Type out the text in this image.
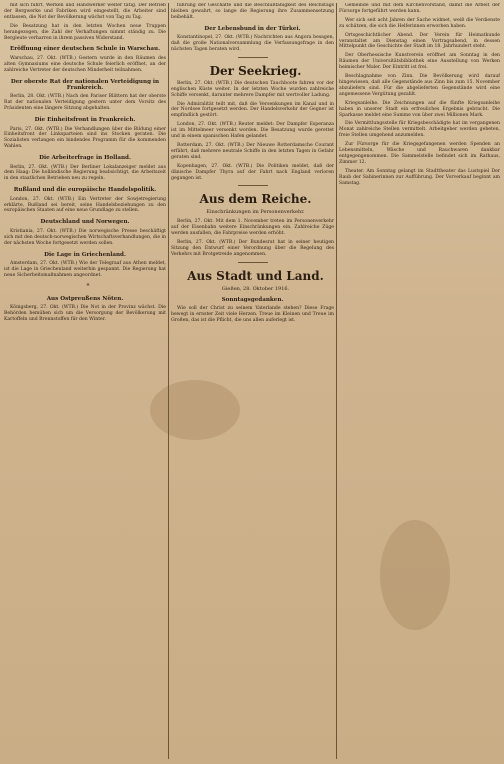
mit sich führt, Werken und Handwerker weiter tätig. Der Betrieb der Bergwerke und Fabriken wird eingestellt, die Arbeiter sind entlassen, die Not der Bevölkerung wächst von Tag zu Tag.

Die Besatzung hat in den letzten Wochen neue Truppen herangezogen, die Zahl der Verhaftungen nimmt ständig zu. Die Bergleute verharren in ihrem passiven Widerstand.

Eröffnung einer deutschen Schule in Warschau.

Warschau, 27. Okt. (WTB.) Gestern wurde in den Räumen des alten Gymnasiums eine deutsche Schule feierlich eröffnet, an der zahlreiche Vertreter der deutschen Minderheit teilnahmen.

Der oberste Rat der nationalen Verteidigung in Frankreich.

Berlin, 28. Okt. (WTB.) Nach den Pariser Blättern hat der oberste Rat der nationalen Verteidigung gestern unter dem Vorsitz des Präsidenten eine längere Sitzung abgehalten.

Die Einheitsfront in Frankreich.

Paris, 27. Okt. (WTB.) Die Verhandlungen über die Bildung einer Einheitsfront der Linksparteien sind ins Stocken geraten. Die Sozialisten verlangen ein bindendes Programm für die kommenden Wahlen.

Die Arbeiterfrage in Holland.

Berlin, 27. Okt. (WTB.) Der Berliner Lokalanzeiger meldet aus dem Haag: Die holländische Regierung beabsichtigt, die Arbeitszeit in den staatlichen Betrieben neu zu regeln.

Rußland und die europäische Handelspolitik.

London, 27. Okt. (WTB.) Ein Vertreter der Sowjetregierung erklärte, Rußland sei bereit, seine Handelsbeziehungen zu den europäischen Staaten auf eine neue Grundlage zu stellen.

Deutschland und Norwegen.

Kristiania, 27. Okt. (WTB.) Die norwegische Presse beschäftigt sich mit den deutsch-norwegischen Wirtschaftsverhandlungen, die in der nächsten Woche fortgesetzt werden sollen.

Die Lage in Griechenland.

Amsterdam, 27. Okt. (WTB.) Wie der Telegraaf aus Athen meldet, ist die Lage in Griechenland weiterhin gespannt. Die Regierung hat neue Sicherheitsmaßnahmen angeordnet.

*

Aus Ostpreußens Nöten.

Königsberg, 27. Okt. (WTB.) Die Not in der Provinz wächst. Die Behörden bemühen sich um die Versorgung der Bevölkerung mit Kartoffeln und Brennstoffen für den Winter.

führung der Geschäfte und die Beschlußfähigkeit des Reichstags bleiben gewahrt, so lange die Regierung ihre Zusammensetzung beibehält.

Der Lebensbund in der Türkei.

Konstantinopel, 27. Okt. (WTB.) Nachrichten aus Angora besagen, daß die große Nationalversammlung die Verfassungsfrage in den nächsten Tagen beraten wird.

Der Seekrieg.

Berlin, 27. Okt. (WTB.) Die deutschen Tauchboote fahren vor der englischen Küste weiter. In der letzten Woche wurden zahlreiche Schiffe versenkt, darunter mehrere Dampfer mit wertvoller Ladung.

Die Admiralität teilt mit, daß die Versenkungen im Kanal und in der Nordsee fortgesetzt werden. Der Handelsverkehr der Gegner ist empfindlich gestört.

London, 27. Okt. (WTB.) Reuter meldet: Der Dampfer Esperanza ist im Mittelmeer versenkt worden. Die Besatzung wurde gerettet und in einem spanischen Hafen gelandet.

Rotterdam, 27. Okt. (WTB.) Der Nieuwe Rotterdamsche Courant erfährt, daß mehrere neutrale Schiffe in den letzten Tagen in Gefahr geraten sind.

Kopenhagen, 27. Okt. (WTB.) Die Politiken meldet, daß der dänische Dampfer Thyra auf der Fahrt nach England verloren gegangen ist.

Aus dem Reiche.

Einschränkungen im Personenverkehr.

Berlin, 27. Okt. Mit dem 1. November treten im Personenverkehr auf der Eisenbahn weitere Einschränkungen ein. Zahlreiche Züge werden ausfallen, die Fahrpreise werden erhöht.

Berlin, 27. Okt. (WTB.) Der Bundesrat hat in seiner heutigen Sitzung den Entwurf einer Verordnung über die Regelung des Verkehrs mit Brotgetreide angenommen.

Aus Stadt und Land.

Gießen, 28. Oktober 1916.

Sonntagsgedanken.

Wie soll der Christ zu seinem Vaterlande stehen? Diese Frage bewegt in ernster Zeit viele Herzen. Treue im Kleinen und Treue im Großen, das ist die Pflicht, die uns allen auferlegt ist.

Gemeinde und mit dem Kirchenvorstand, damit die Arbeit der Fürsorge fortgeführt werden kann.

Wer sich seit acht Jahren der Sache widmet, weiß die Verdienste zu schätzen, die sich die Helferinnen erworben haben.

Ortsgeschichtlicher Abend. Der Verein für Heimatkunde veranstaltet am Dienstag einen Vortragsabend, in dessen Mittelpunkt die Geschichte der Stadt im 18. Jahrhundert steht.

Der Oberhessische Kunstverein eröffnet am Sonntag in den Räumen der Universitätsbibliothek eine Ausstellung von Werken heimischer Maler. Der Eintritt ist frei.

Beschlagnahme von Zinn. Die Bevölkerung wird darauf hingewiesen, daß alle Gegenstände aus Zinn bis zum 15. November abzuliefern sind. Für die abgelieferten Gegenstände wird eine angemessene Vergütung gezahlt.

Kriegsanleihe. Die Zeichnungen auf die fünfte Kriegsanleihe haben in unserer Stadt ein erfreuliches Ergebnis gebracht. Die Sparkasse meldet eine Summe von über zwei Millionen Mark.

Die Vermittlungsstelle für Kriegsbeschädigte hat im vergangenen Monat zahlreiche Stellen vermittelt. Arbeitgeber werden gebeten, freie Stellen umgehend anzumelden.

Zur Fürsorge für die Kriegsgefangenen werden Spenden an Lebensmitteln, Wäsche und Rauchwaren dankbar entgegengenommen. Die Sammelstelle befindet sich im Rathaus, Zimmer 12.

Theater. Am Sonntag gelangt im Stadttheater das Lustspiel Der Raub der Sabinerinnen zur Aufführung. Der Vorverkauf beginnt am Samstag.
